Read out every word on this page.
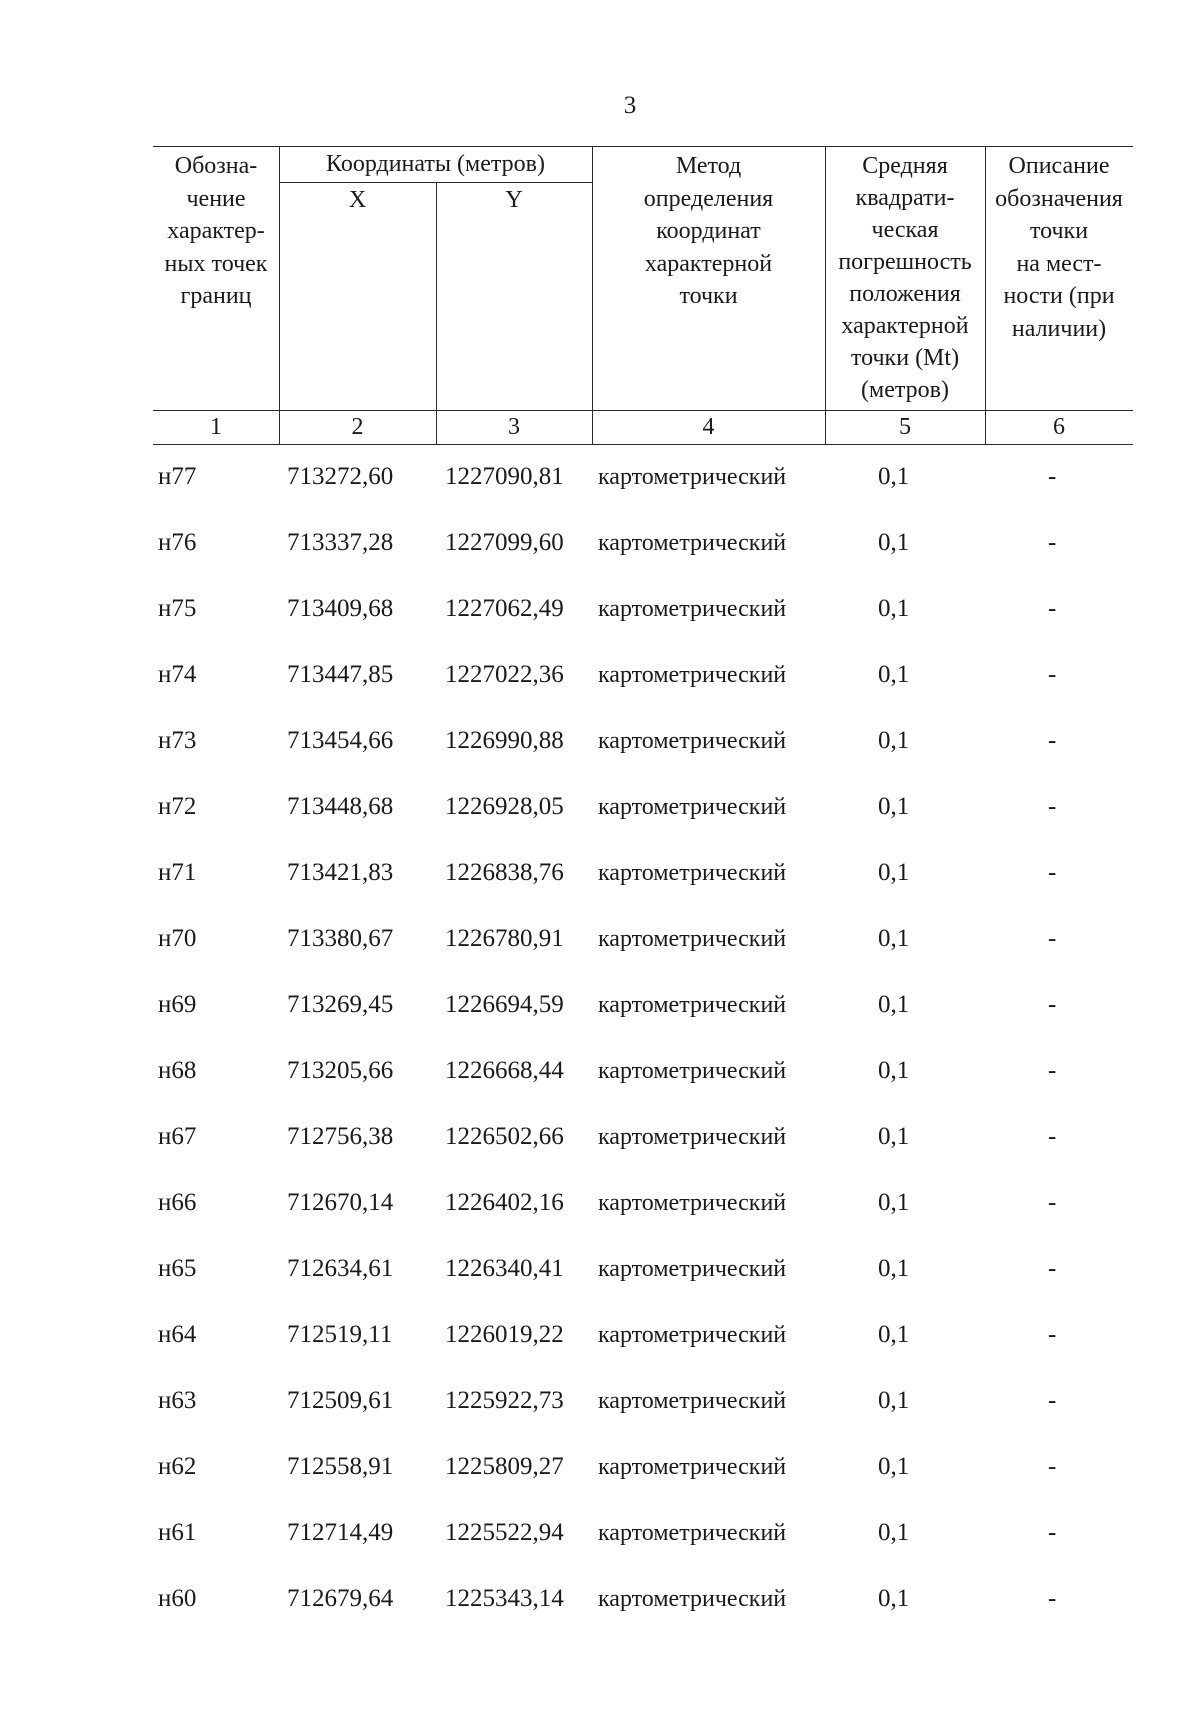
3
Обозна-
чение
характер-
ных точек
границ
Координаты (метров)
X	Y
Метод
определения
координат
характерной
точки
Средняя
квадрати-
ческая
погрешность
положения
характерной
точки (Mt)
(метров)
Описание
обозначения
точки
на мест-
ности (при
наличии)
1	2	3	4	5	6
н77	713272,60 1227090,81 картометрический	0,1	-
н76	713337,28 1227099,60 картометрический	0,1	-
н75	713409,68 1227062,49 картометрический	0,1	-
н74	713447,85 1227022,36 картометрический	0,1	-
н73	713454,66 1226990,88 картометрический	0,1	-
н72	713448,68 1226928,05 картометрический	0,1	-
н71	713421,83 1226838,76 картометрический	0,1	-
н70	713380,67 1226780,91 картометрический	0,1	-
н69	713269,45 1226694,59 картометрический	0,1	-
н68	713205,66 1226668,44 картометрический	0,1	-
н67	712756,38 1226502,66 картометрический	0,1	-
н66	712670,14 1226402,16 картометрический	0,1	-
н65	712634,61 1226340,41 картометрический	0,1	-
н64	712519,11 1226019,22 картометрический	0,1	-
н63	712509,61 1225922,73 картометрический	0,1	-
н62	712558,91 1225809,27 картометрический	0,1	-
н61	712714,49 1225522,94 картометрический	0,1	-
н60	712679,64 1225343,14 картометрический	0,1	-
